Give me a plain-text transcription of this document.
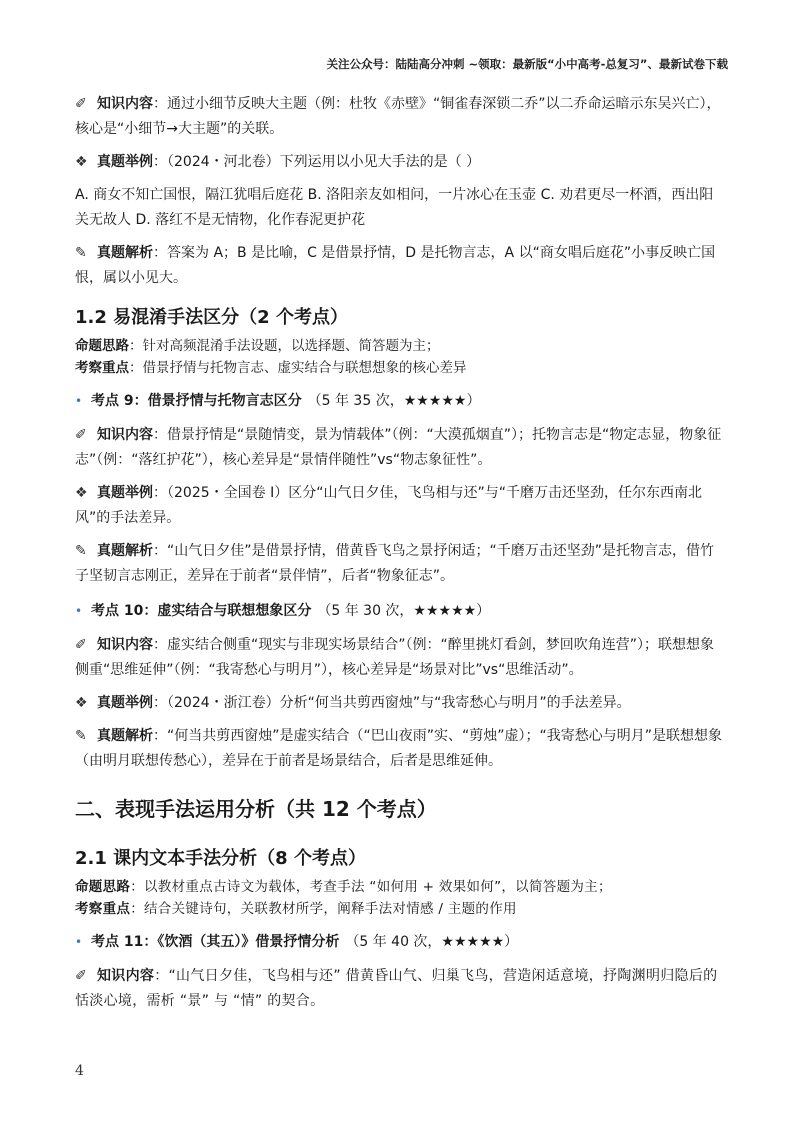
关注公众号：陆陆高分冲刺 ~领取：最新版“小中高考-总复习”、最新试卷下载

✐ 知识内容：通过小细节反映大主题（例：杜牧《赤壁》“铜雀春深锁二乔”以二乔命运暗示东吴兴亡），核心是“小细节→大主题”的关联。

❖ 真题举例：（2024・河北卷）下列运用以小见大手法的是（ ）

A. 商女不知亡国恨，隔江犹唱后庭花 B. 洛阳亲友如相问，一片冰心在玉壶 C. 劝君更尽一杯酒，西出阳关无故人 D. 落红不是无情物，化作春泥更护花

✎ 真题解析：答案为 A；B 是比喻，C 是借景抒情，D 是托物言志，A 以“商女唱后庭花”小事反映亡国恨，属以小见大。

1.2 易混淆手法区分（2 个考点）

命题思路：针对高频混淆手法设题，以选择题、简答题为主；

考察重点：借景抒情与托物言志、虚实结合与联想想象的核心差异

• 考点 9：借景抒情与托物言志区分 （5 年 35 次，★★★★★）

✐ 知识内容：借景抒情是“景随情变，景为情载体”（例：“大漠孤烟直”）；托物言志是“物定志显，物象征志”（例：“落红护花”），核心差异是“景情伴随性”vs“物志象征性”。

❖ 真题举例：（2025・全国卷 Ⅰ）区分“山气日夕佳，飞鸟相与还”与“千磨万击还坚劲，任尔东西南北风”的手法差异。

✎ 真题解析：“山气日夕佳”是借景抒情，借黄昏飞鸟之景抒闲适；“千磨万击还坚劲”是托物言志，借竹子坚韧言志刚正，差异在于前者“景伴情”，后者“物象征志”。

• 考点 10：虚实结合与联想想象区分 （5 年 30 次，★★★★★）

✐ 知识内容：虚实结合侧重“现实与非现实场景结合”（例：“醉里挑灯看剑，梦回吹角连营”）；联想想象侧重“思维延伸”（例：“我寄愁心与明月”），核心差异是“场景对比”vs“思维活动”。

❖ 真题举例：（2024・浙江卷）分析“何当共剪西窗烛”与“我寄愁心与明月”的手法差异。

✎ 真题解析：“何当共剪西窗烛”是虚实结合（“巴山夜雨”实、“剪烛”虚）；“我寄愁心与明月”是联想想象（由明月联想传愁心），差异在于前者是场景结合，后者是思维延伸。

二、表现手法运用分析（共 12 个考点）
2.1 课内文本手法分析（8 个考点）

命题思路：以教材重点古诗文为载体，考查手法 “如何用 + 效果如何”，以简答题为主；

考察重点：结合关键诗句，关联教材所学，阐释手法对情感 / 主题的作用

• 考点 11：《饮酒（其五）》借景抒情分析 （5 年 40 次，★★★★★）

✐ 知识内容：“山气日夕佳，飞鸟相与还” 借黄昏山气、归巢飞鸟，营造闲适意境，抒陶渊明归隐后的恬淡心境，需析 “景” 与 “情” 的契合。

4
